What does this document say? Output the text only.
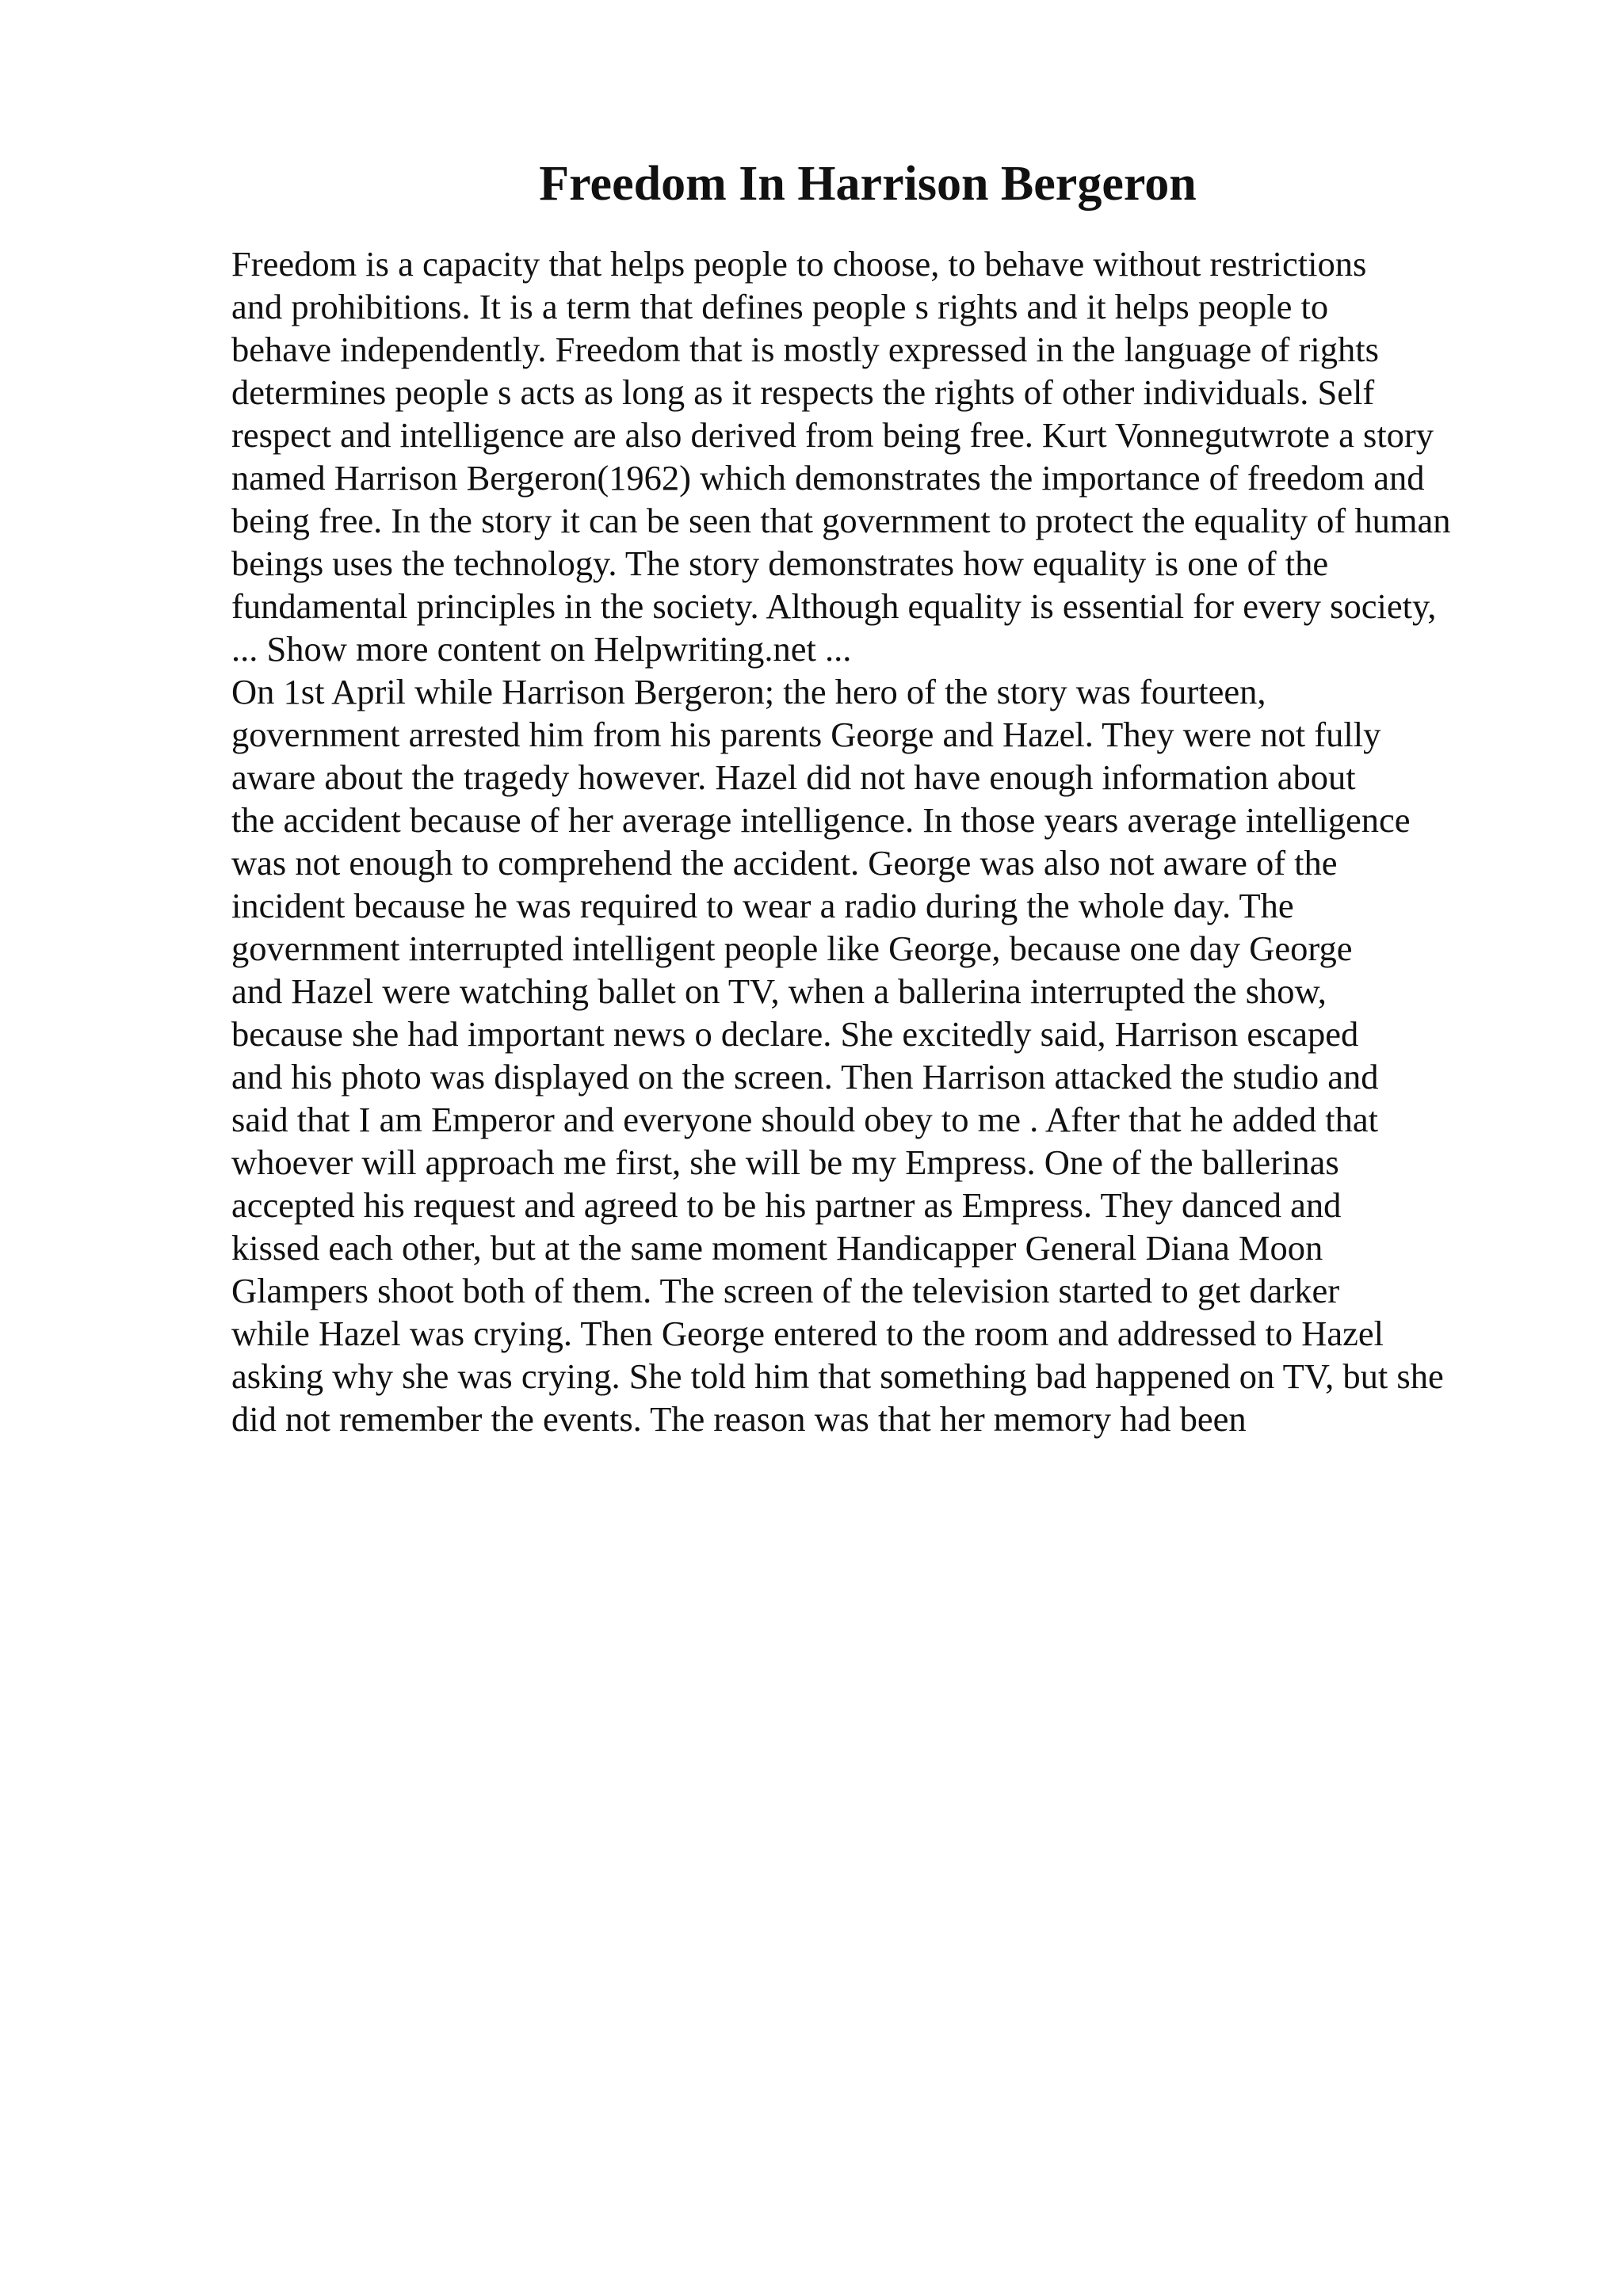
Freedom In Harrison Bergeron
Freedom is a capacity that helps people to choose, to behave without restrictions
and prohibitions. It is a term that defines people s rights and it helps people to
behave independently. Freedom that is mostly expressed in the language of rights
determines people s acts as long as it respects the rights of other individuals. Self
respect and intelligence are also derived from being free. Kurt Vonnegutwrote a story
named Harrison Bergeron(1962) which demonstrates the importance of freedom and
being free. In the story it can be seen that government to protect the equality of human
beings uses the technology. The story demonstrates how equality is one of the
fundamental principles in the society. Although equality is essential for every society,
... Show more content on Helpwriting.net ...
On 1st April while Harrison Bergeron; the hero of the story was fourteen,
government arrested him from his parents George and Hazel. They were not fully
aware about the tragedy however. Hazel did not have enough information about
the accident because of her average intelligence. In those years average intelligence
was not enough to comprehend the accident. George was also not aware of the
incident because he was required to wear a radio during the whole day. The
government interrupted intelligent people like George, because one day George
and Hazel were watching ballet on TV, when a ballerina interrupted the show,
because she had important news o declare. She excitedly said, Harrison escaped
and his photo was displayed on the screen. Then Harrison attacked the studio and
said that I am Emperor and everyone should obey to me . After that he added that
whoever will approach me first, she will be my Empress. One of the ballerinas
accepted his request and agreed to be his partner as Empress. They danced and
kissed each other, but at the same moment Handicapper General Diana Moon
Glampers shoot both of them. The screen of the television started to get darker
while Hazel was crying. Then George entered to the room and addressed to Hazel
asking why she was crying. She told him that something bad happened on TV, but she
did not remember the events. The reason was that her memory had been
